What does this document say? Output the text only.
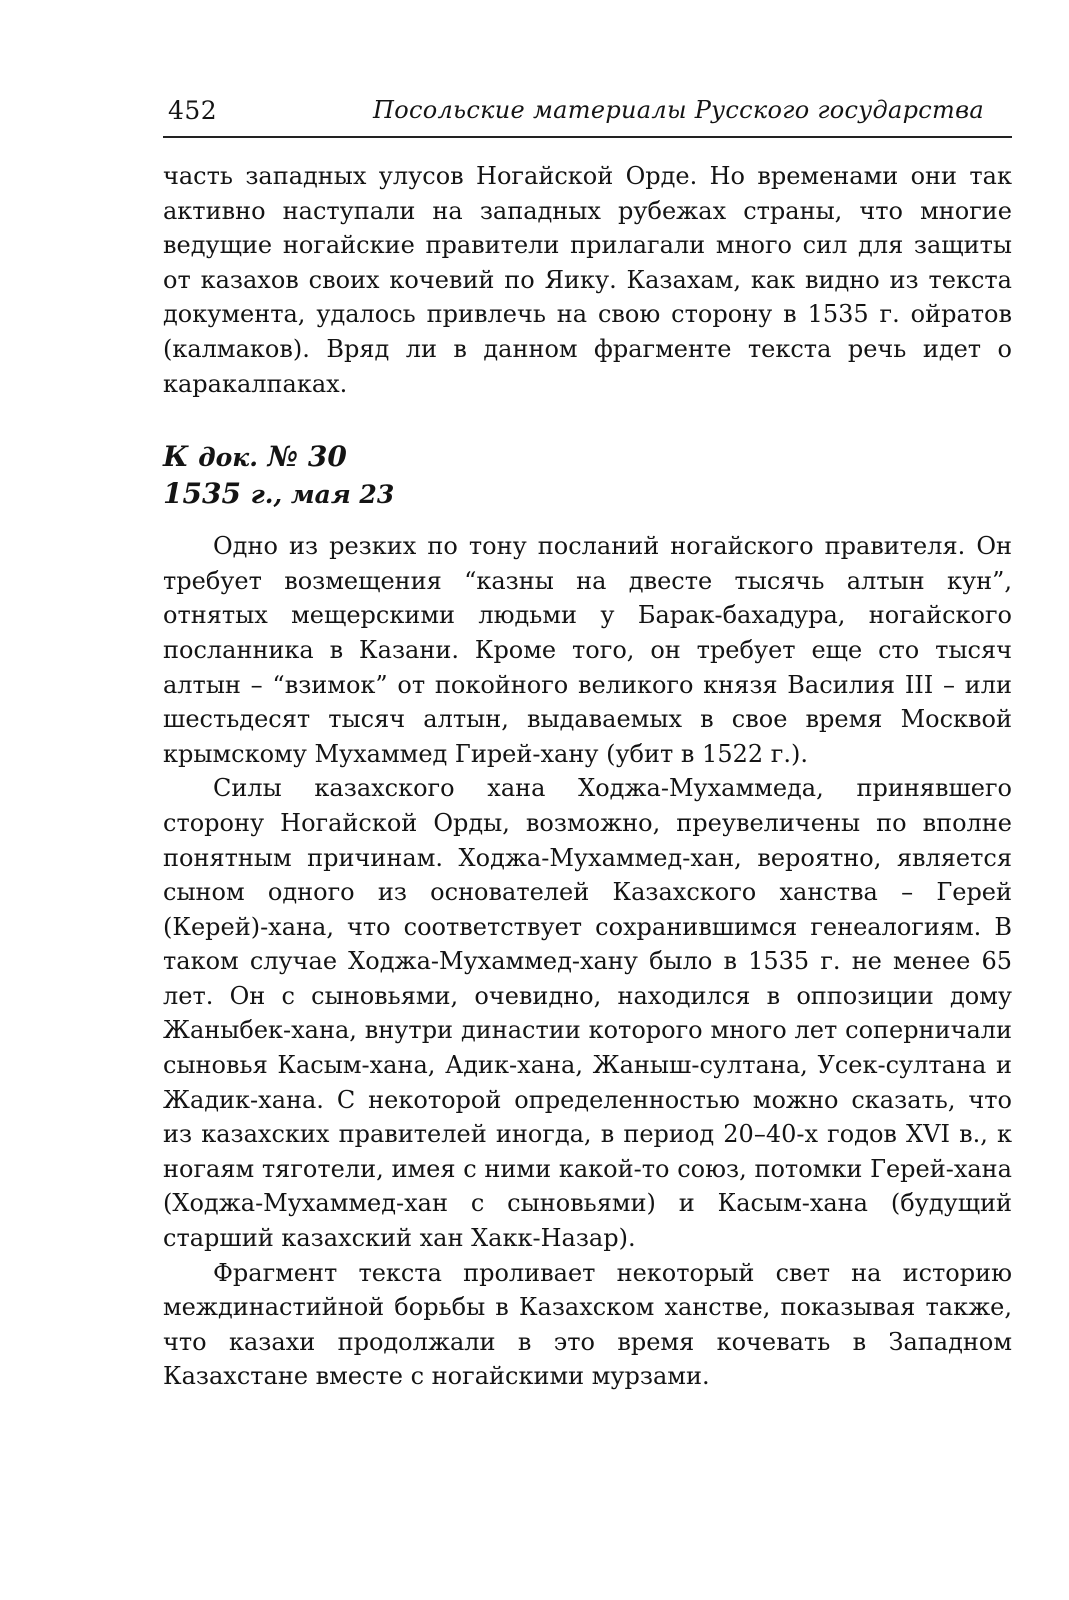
452	Посольские материалы Русского государства

часть западных улусов Ногайской Орде. Но временами они так активно наступали на западных рубежах страны, что многие ведущие ногайские правители прилагали много сил для защиты от казахов своих кочевий по Яику. Казахам, как видно из текста документа, удалось привлечь на свою сторону в 1535 г. ойратов (калмаков). Вряд ли в данном фрагменте текста речь идет о каракалпаках.

К док. № 30
1535 г., мая 23

Одно из резких по тону посланий ногайского правителя. Он требует возмещения “казны на двесте тысячь алтын кун”, отнятых мещерскими людьми у Барак-бахадура, ногайского посланника в Казани. Кроме того, он требует еще сто тысяч алтын – “взимок” от покойного великого князя Василия III – или шестьдесят тысяч алтын, выдаваемых в свое время Москвой крымскому Мухаммед Гирей-хану (убит в 1522 г.).

Силы казахского хана Ходжа-Мухаммеда, принявшего сторону Ногайской Орды, возможно, преувеличены по вполне понятным причинам. Ходжа-Мухаммед-хан, вероятно, является сыном одного из основателей Казахского ханства – Герей (Керей)-хана, что соответствует сохранившимся генеалогиям. В таком случае Ходжа-Мухаммед-хану было в 1535 г. не менее 65 лет. Он с сыновьями, очевидно, находился в оппозиции дому Жаныбек-хана, внутри династии которого много лет соперничали сыновья Касым-хана, Адик-хана, Жаныш-султана, Усек-султана и Жадик-хана. С некоторой определенностью можно сказать, что из казахских правителей иногда, в период 20–40-х годов XVI в., к ногаям тяготели, имея с ними какой-то союз, потомки Герей-хана (Ходжа-Мухаммед-хан с сыновьями) и Касым-хана (будущий старший казахский хан Хакк-Назар).

Фрагмент текста проливает некоторый свет на историю междинастийной борьбы в Казахском ханстве, показывая также, что казахи продолжали в это время кочевать в Западном Казахстане вместе с ногайскими мурзами.
